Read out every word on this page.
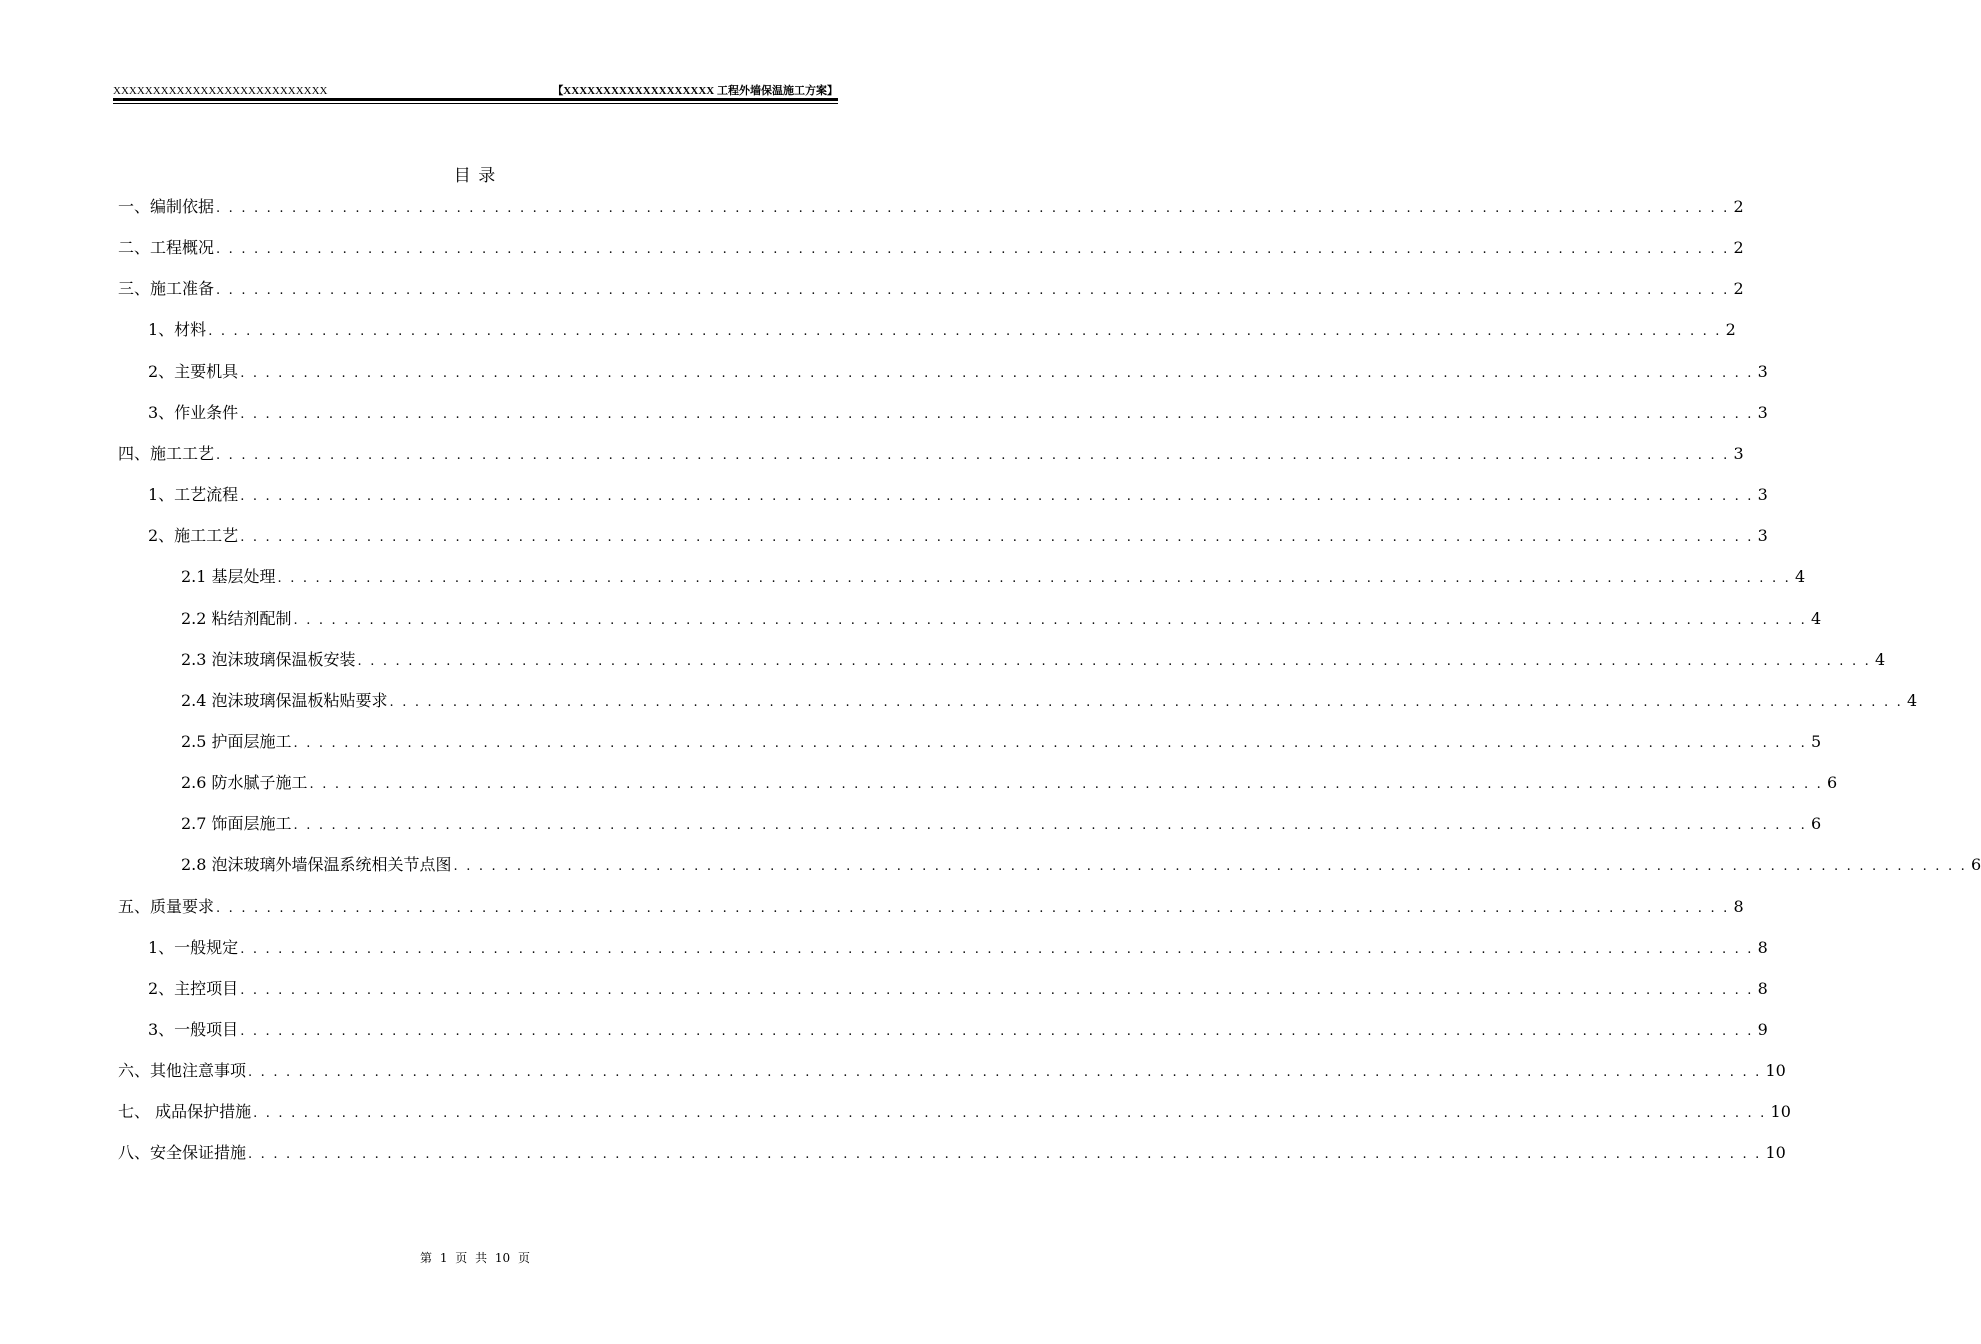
XXXXXXXXXXXXXXXXXXXXXXXXXXX	【XXXXXXXXXXXXXXXXXXX 工程外墙保温施工方案】
目 录
一、编制依据 . . . . . . . . . . . . . . . . . . . . . . . . . . . . . . . . . . . . . . . . . . . . . . . . . . . . . . . . . . . . . . . . . . . . . . . . . . . . . . . . . . . . . . . . . . . . . . . . . . . . . . . . . . . . . . . . . . . . . . . . 2
二、工程概况 . . . . . . . . . . . . . . . . . . . . . . . . . . . . . . . . . . . . . . . . . . . . . . . . . . . . . . . . . . . . . . . . . . . . . . . . . . . . . . . . . . . . . . . . . . . . . . . . . . . . . . . . . . . . . . . . . . . . . . . . 2
三、施工准备 . . . . . . . . . . . . . . . . . . . . . . . . . . . . . . . . . . . . . . . . . . . . . . . . . . . . . . . . . . . . . . . . . . . . . . . . . . . . . . . . . . . . . . . . . . . . . . . . . . . . . . . . . . . . . . . . . . . . . . . . 2
1、材料 . . . . . . . . . . . . . . . . . . . . . . . . . . . . . . . . . . . . . . . . . . . . . . . . . . . . . . . . . . . . . . . . . . . . . . . . . . . . . . . . . . . . . . . . . . . . . . . . . . . . . . . . . . . . . . . . . . . . . . . . 2
2、主要机具 . . . . . . . . . . . . . . . . . . . . . . . . . . . . . . . . . . . . . . . . . . . . . . . . . . . . . . . . . . . . . . . . . . . . . . . . . . . . . . . . . . . . . . . . . . . . . . . . . . . . . . . . . . . . . . . . . . . . . . . . 3
3、作业条件 . . . . . . . . . . . . . . . . . . . . . . . . . . . . . . . . . . . . . . . . . . . . . . . . . . . . . . . . . . . . . . . . . . . . . . . . . . . . . . . . . . . . . . . . . . . . . . . . . . . . . . . . . . . . . . . . . . . . . . . . 3
四、施工工艺 . . . . . . . . . . . . . . . . . . . . . . . . . . . . . . . . . . . . . . . . . . . . . . . . . . . . . . . . . . . . . . . . . . . . . . . . . . . . . . . . . . . . . . . . . . . . . . . . . . . . . . . . . . . . . . . . . . . . . . . . 3
1、工艺流程 . . . . . . . . . . . . . . . . . . . . . . . . . . . . . . . . . . . . . . . . . . . . . . . . . . . . . . . . . . . . . . . . . . . . . . . . . . . . . . . . . . . . . . . . . . . . . . . . . . . . . . . . . . . . . . . . . . . . . . . . 3
2、施工工艺 . . . . . . . . . . . . . . . . . . . . . . . . . . . . . . . . . . . . . . . . . . . . . . . . . . . . . . . . . . . . . . . . . . . . . . . . . . . . . . . . . . . . . . . . . . . . . . . . . . . . . . . . . . . . . . . . . . . . . . . . 3
2.1 基层处理 . . . . . . . . . . . . . . . . . . . . . . . . . . . . . . . . . . . . . . . . . . . . . . . . . . . . . . . . . . . . . . . . . . . . . . . . . . . . . . . . . . . . . . . . . . . . . . . . . . . . . . . . . . . . . . . . . . . . . . . . 4
2.2 粘结剂配制 . . . . . . . . . . . . . . . . . . . . . . . . . . . . . . . . . . . . . . . . . . . . . . . . . . . . . . . . . . . . . . . . . . . . . . . . . . . . . . . . . . . . . . . . . . . . . . . . . . . . . . . . . . . . . . . . . . . . . . . . 4
2.3 泡沫玻璃保温板安装 . . . . . . . . . . . . . . . . . . . . . . . . . . . . . . . . . . . . . . . . . . . . . . . . . . . . . . . . . . . . . . . . . . . . . . . . . . . . . . . . . . . . . . . . . . . . . . . . . . . . . . . . . . . . . . . . . . . . . . . . 4
2.4 泡沫玻璃保温板粘贴要求 . . . . . . . . . . . . . . . . . . . . . . . . . . . . . . . . . . . . . . . . . . . . . . . . . . . . . . . . . . . . . . . . . . . . . . . . . . . . . . . . . . . . . . . . . . . . . . . . . . . . . . . . . . . . . . . . . . . . . . . . 4
2.5 护面层施工 . . . . . . . . . . . . . . . . . . . . . . . . . . . . . . . . . . . . . . . . . . . . . . . . . . . . . . . . . . . . . . . . . . . . . . . . . . . . . . . . . . . . . . . . . . . . . . . . . . . . . . . . . . . . . . . . . . . . . . . . 5
2.6 防水腻子施工 . . . . . . . . . . . . . . . . . . . . . . . . . . . . . . . . . . . . . . . . . . . . . . . . . . . . . . . . . . . . . . . . . . . . . . . . . . . . . . . . . . . . . . . . . . . . . . . . . . . . . . . . . . . . . . . . . . . . . . . . 6
2.7 饰面层施工 . . . . . . . . . . . . . . . . . . . . . . . . . . . . . . . . . . . . . . . . . . . . . . . . . . . . . . . . . . . . . . . . . . . . . . . . . . . . . . . . . . . . . . . . . . . . . . . . . . . . . . . . . . . . . . . . . . . . . . . . 6
2.8 泡沫玻璃外墙保温系统相关节点图 . . . . . . . . . . . . . . . . . . . . . . . . . . . . . . . . . . . . . . . . . . . . . . . . . . . . . . . . . . . . . . . . . . . . . . . . . . . . . . . . . . . . . . . . . . . . . . . . . . . . . . . . . . . . . . . . . . . . . . . . 6
五、质量要求 . . . . . . . . . . . . . . . . . . . . . . . . . . . . . . . . . . . . . . . . . . . . . . . . . . . . . . . . . . . . . . . . . . . . . . . . . . . . . . . . . . . . . . . . . . . . . . . . . . . . . . . . . . . . . . . . . . . . . . . . 8
1、一般规定 . . . . . . . . . . . . . . . . . . . . . . . . . . . . . . . . . . . . . . . . . . . . . . . . . . . . . . . . . . . . . . . . . . . . . . . . . . . . . . . . . . . . . . . . . . . . . . . . . . . . . . . . . . . . . . . . . . . . . . . . 8
2、主控项目 . . . . . . . . . . . . . . . . . . . . . . . . . . . . . . . . . . . . . . . . . . . . . . . . . . . . . . . . . . . . . . . . . . . . . . . . . . . . . . . . . . . . . . . . . . . . . . . . . . . . . . . . . . . . . . . . . . . . . . . . 8
3、一般项目 . . . . . . . . . . . . . . . . . . . . . . . . . . . . . . . . . . . . . . . . . . . . . . . . . . . . . . . . . . . . . . . . . . . . . . . . . . . . . . . . . . . . . . . . . . . . . . . . . . . . . . . . . . . . . . . . . . . . . . . . 9
六、其他注意事项 . . . . . . . . . . . . . . . . . . . . . . . . . . . . . . . . . . . . . . . . . . . . . . . . . . . . . . . . . . . . . . . . . . . . . . . . . . . . . . . . . . . . . . . . . . . . . . . . . . . . . . . . . . . . . . . . . . . . . . . . 10
七、 成品保护措施 . . . . . . . . . . . . . . . . . . . . . . . . . . . . . . . . . . . . . . . . . . . . . . . . . . . . . . . . . . . . . . . . . . . . . . . . . . . . . . . . . . . . . . . . . . . . . . . . . . . . . . . . . . . . . . . . . . . . . . . . 10
八、安全保证措施 . . . . . . . . . . . . . . . . . . . . . . . . . . . . . . . . . . . . . . . . . . . . . . . . . . . . . . . . . . . . . . . . . . . . . . . . . . . . . . . . . . . . . . . . . . . . . . . . . . . . . . . . . . . . . . . . . . . . . . . . 10
第 1 页 共 10 页
